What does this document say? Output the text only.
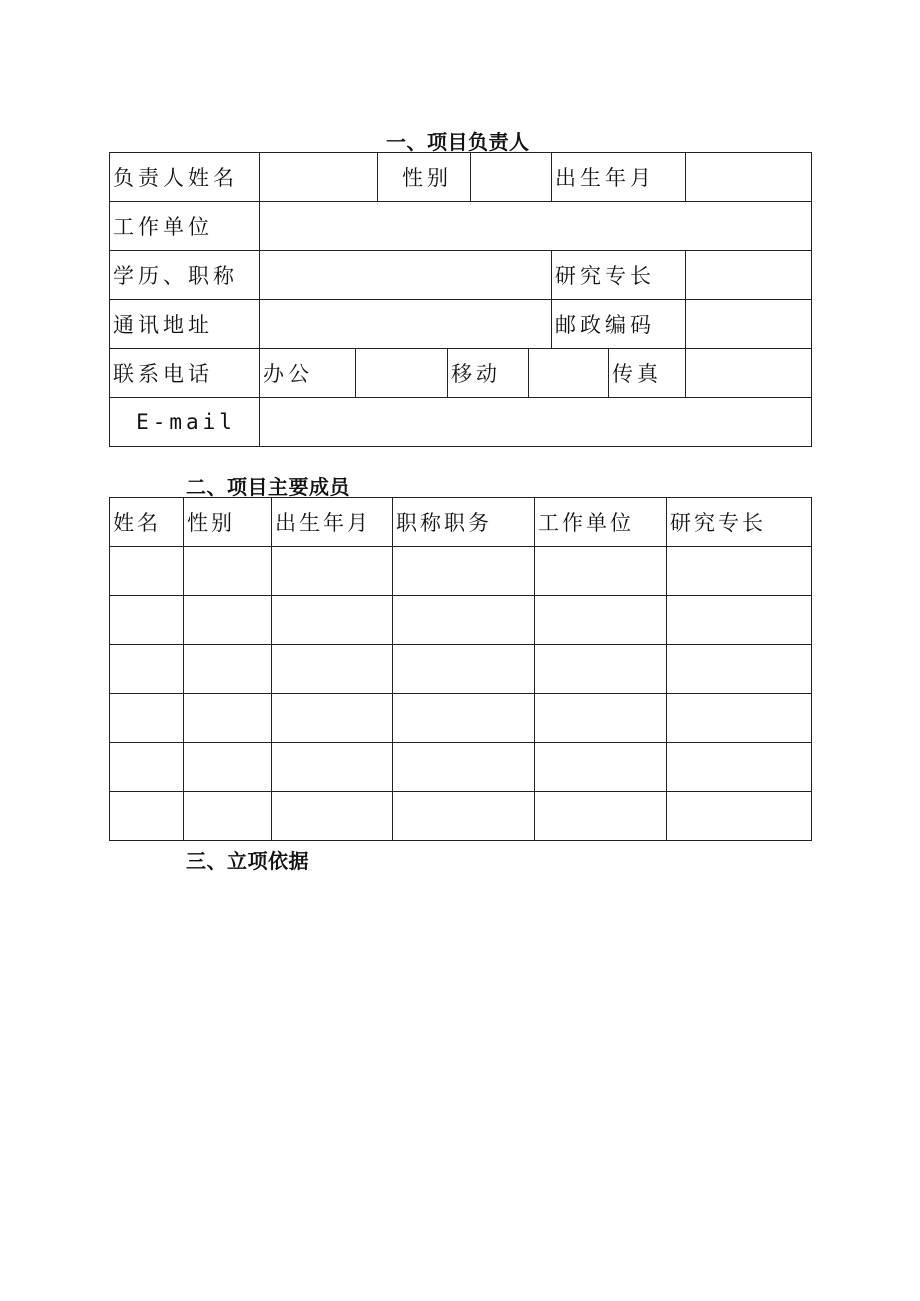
一、项目负责人
负责人姓名			性别				出生年月		
工作单位									
学历、职称							研究专长		
通讯地址							邮政编码		
联系电话	办公			移动				传真	
E-mail									
二、项目主要成员
姓名	性别	出生年月	职称职务	工作单位	研究专长

三、立项依据
